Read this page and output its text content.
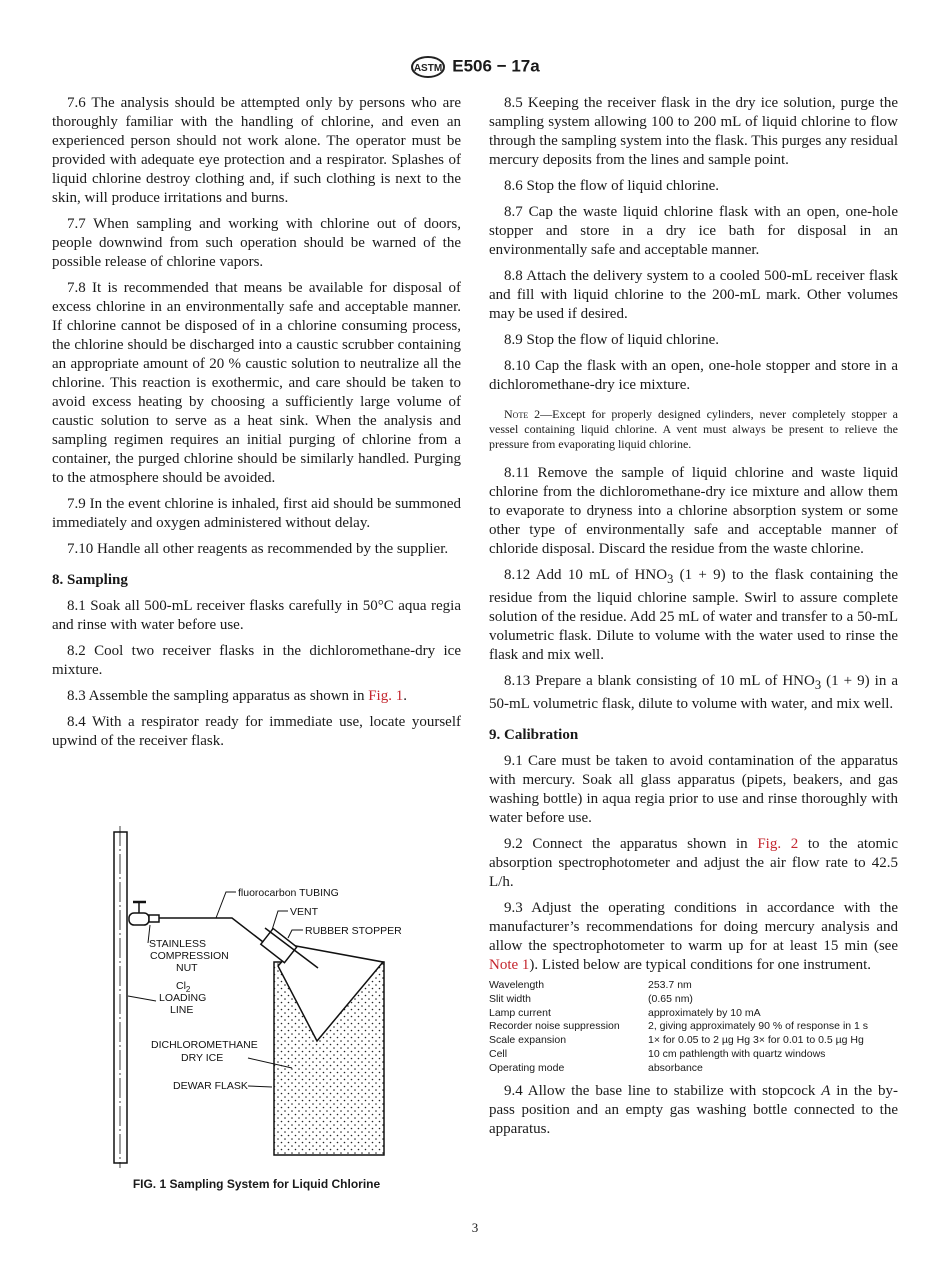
ASTM E506 − 17a

7.6 The analysis should be attempted only by persons who are thoroughly familiar with the handling of chlorine, and even an experienced person should not work alone. The operator must be provided with adequate eye protection and a respirator. Splashes of liquid chlorine destroy clothing and, if such clothing is next to the skin, will produce irritations and burns.

7.7 When sampling and working with chlorine out of doors, people downwind from such operation should be warned of the possible release of chlorine vapors.

7.8 It is recommended that means be available for disposal of excess chlorine in an environmentally safe and acceptable manner. If chlorine cannot be disposed of in a chlorine consuming process, the chlorine should be discharged into a caustic scrubber containing an appropriate amount of 20 % caustic solution to neutralize all the chlorine. This reaction is exothermic, and care should be taken to avoid excess heating by choosing a sufficiently large volume of caustic solution to serve as a heat sink. When the analysis and sampling regimen requires an initial purging of chlorine from a container, the purged chlorine should be similarly handled. Purging to the atmosphere should be avoided.

7.9 In the event chlorine is inhaled, first aid should be summoned immediately and oxygen administered without delay.

7.10 Handle all other reagents as recommended by the supplier.

8. Sampling

8.1 Soak all 500-mL receiver flasks carefully in 50°C aqua regia and rinse with water before use.

8.2 Cool two receiver flasks in the dichloromethane-dry ice mixture.

8.3 Assemble the sampling apparatus as shown in Fig. 1.

8.4 With a respirator ready for immediate use, locate yourself upwind of the receiver flask.

fluorocarbon TUBING
VENT
RUBBER STOPPER
STAINLESS
COMPRESSION
NUT
$Cl_2$
LOADING
LINE
DICHLOROMETHANE
DRY ICE
DEWAR FLASK
FIG. 1 Sampling System for Liquid Chlorine

8.5 Keeping the receiver flask in the dry ice solution, purge the sampling system allowing 100 to 200 mL of liquid chlorine to flow through the sampling system into the flask. This purges any residual mercury deposits from the lines and sample point.

8.6 Stop the flow of liquid chlorine.

8.7 Cap the waste liquid chlorine flask with an open, one-hole stopper and store in a dry ice bath for disposal in an environmentally safe and acceptable manner.

8.8 Attach the delivery system to a cooled 500-mL receiver flask and fill with liquid chlorine to the 200-mL mark. Other volumes may be used if desired.

8.9 Stop the flow of liquid chlorine.

8.10 Cap the flask with an open, one-hole stopper and store in a dichloromethane-dry ice mixture.

Note 2—Except for properly designed cylinders, never completely stopper a vessel containing liquid chlorine. A vent must always be present to relieve the pressure from evaporating liquid chlorine.

8.11 Remove the sample of liquid chlorine and waste liquid chlorine from the dichloromethane-dry ice mixture and allow them to evaporate to dryness into a chlorine absorption system or some other type of environmentally safe and acceptable manner of chloride disposal. Discard the residue from the waste chlorine.

8.12 Add 10 mL of $HNO_3$ (1 + 9) to the flask containing the residue from the liquid chlorine sample. Swirl to assure complete solution of the residue. Add 25 mL of water and transfer to a 50-mL volumetric flask. Dilute to volume with the water used to rinse the flask and mix well.

8.13 Prepare a blank consisting of 10 mL of $HNO_3$ (1 + 9) in a 50-mL volumetric flask, dilute to volume with water, and mix well.

9. Calibration

9.1 Care must be taken to avoid contamination of the apparatus with mercury. Soak all glass apparatus (pipets, beakers, and gas washing bottle) in aqua regia prior to use and rinse thoroughly with water before use.

9.2 Connect the apparatus shown in Fig. 2 to the atomic absorption spectrophotometer and adjust the air flow rate to 42.5 L/h.

9.3 Adjust the operating conditions in accordance with the manufacturer’s recommendations for doing mercury analysis and allow the spectrophotometer to warm up for at least 15 min (see Note 1). Listed below are typical conditions for one instrument.

Wavelength	253.7 nm
Slit width	(0.65 nm)
Lamp current	approximately by 10 mA
Recorder noise suppression	2, giving approximately 90 % of response in 1 s
Scale expansion	1× for 0.05 to 2 µg Hg 3× for 0.01 to 0.5 µg Hg
Cell	10 cm pathlength with quartz windows
Operating mode	absorbance

9.4 Allow the base line to stabilize with stopcock A in the by-pass position and an empty gas washing bottle connected to the apparatus.

3
